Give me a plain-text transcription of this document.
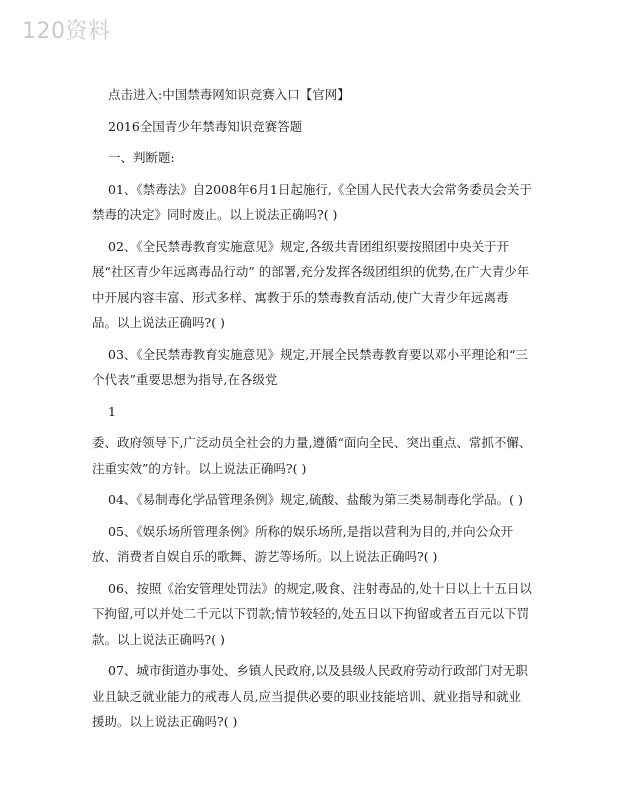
120资料

点击进入:中国禁毒网知识竞赛入口【官网】

2016全国青少年禁毒知识竞赛答题

一、判断题:

01、《禁毒法》自2008年6月1日起施行,《全国人民代表大会常务委员会关于禁毒的决定》同时废止。以上说法正确吗?( )

02、《全民禁毒教育实施意见》规定,各级共青团组织要按照团中央关于开展“社区青少年远离毒品行动” 的部署,充分发挥各级团组织的优势,在广大青少年中开展内容丰富、形式多样、寓教于乐的禁毒教育活动,使广大青少年远离毒品。以上说法正确吗?( )

03、《全民禁毒教育实施意见》规定,开展全民禁毒教育要以邓小平理论和“三个代表”重要思想为指导,在各级党

1

委、政府领导下,广泛动员全社会的力量,遵循“面向全民、突出重点、常抓不懈、注重实效”的方针。以上说法正确吗?( )

04、《易制毒化学品管理条例》规定,硫酸、盐酸为第三类易制毒化学品。( )

05、《娱乐场所管理条例》所称的娱乐场所,是指以营利为目的,并向公众开放、消费者自娱自乐的歌舞、游艺等场所。以上说法正确吗?( )

06、按照《治安管理处罚法》的规定,吸食、注射毒品的,处十日以上十五日以下拘留,可以并处二千元以下罚款;情节较轻的,处五日以下拘留或者五百元以下罚款。以上说法正确吗?( )

07、城市街道办事处、乡镇人民政府,以及县级人民政府劳动行政部门对无职业且缺乏就业能力的戒毒人员,应当提供必要的职业技能培训、就业指导和就业援助。以上说法正确吗?( )
